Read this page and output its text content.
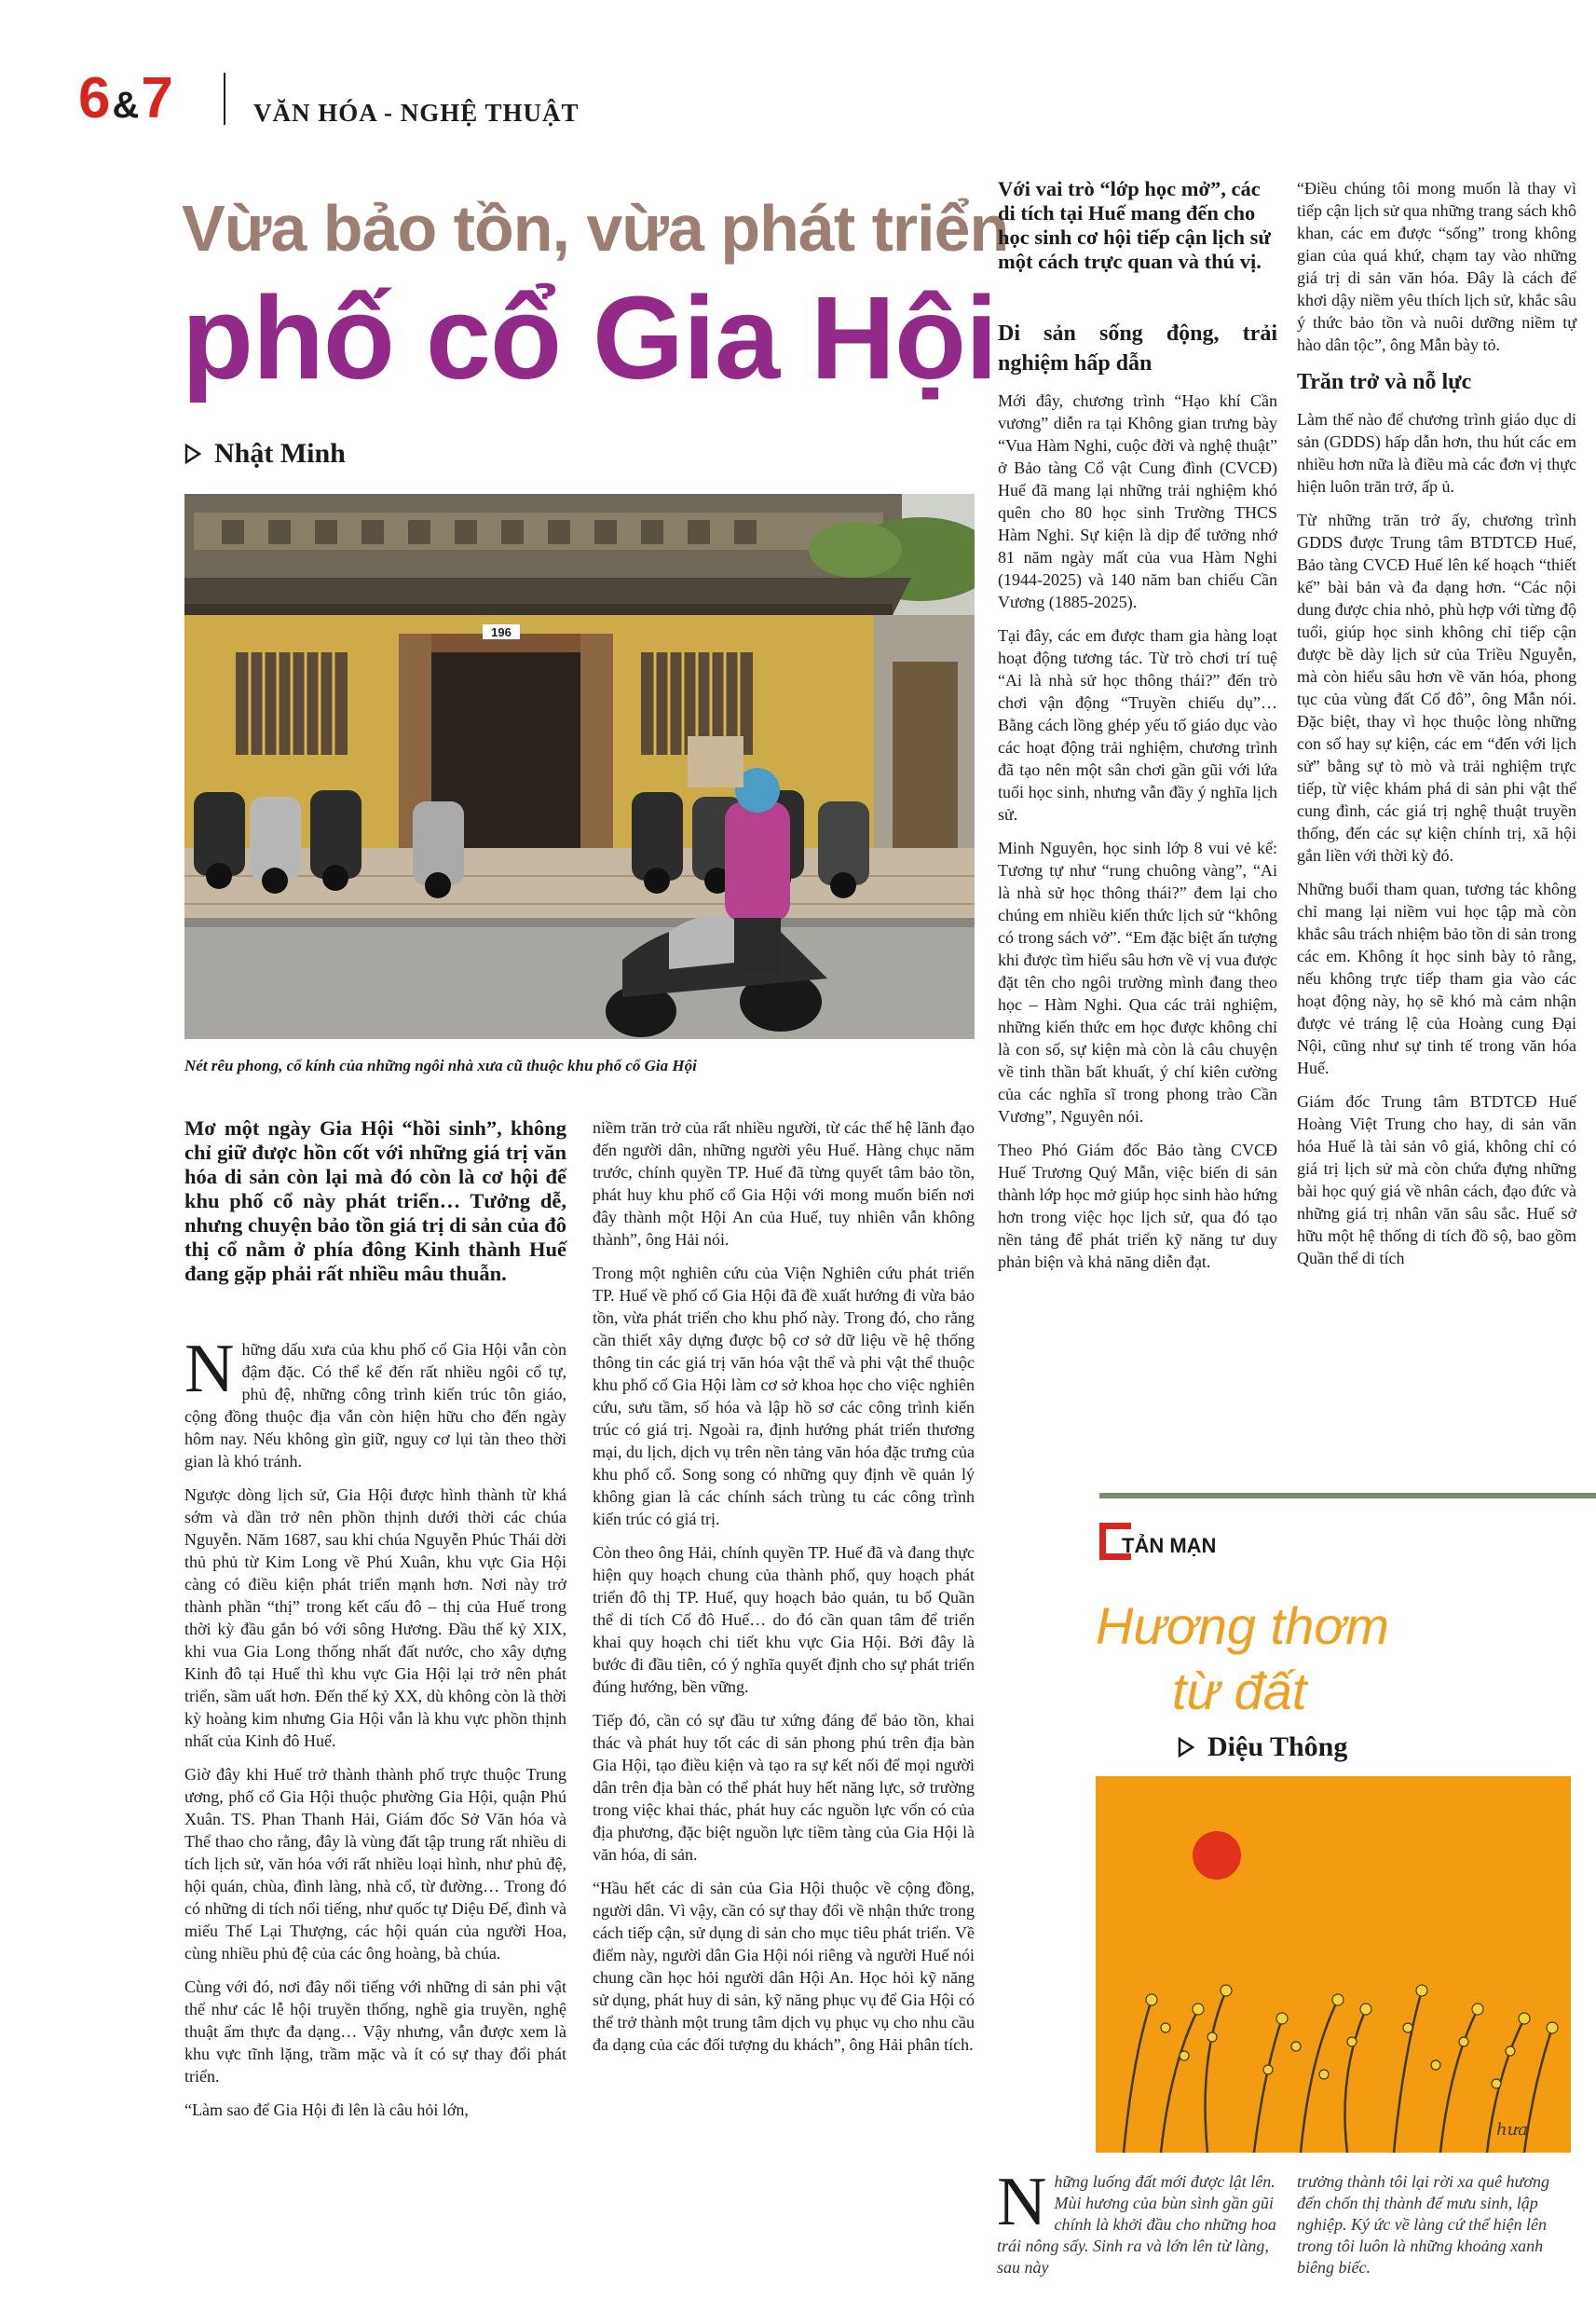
6 &7	VĂN HÓA - NGHỆ THUẬT
Vừa bảo tồn, vừa phát triển
phố cổ Gia Hội
Nhật Minh
196
Nét rêu phong, cổ kính của những ngôi nhà xưa cũ thuộc khu phố cổ Gia Hội

Mơ một ngày Gia Hội “hồi sinh”, không chỉ giữ được hồn cốt với những giá trị văn hóa di sản còn lại mà đó còn là cơ hội để khu phố cổ này phát triển… Tưởng dễ, nhưng chuyện bảo tồn giá trị di sản của đô thị cổ nằm ở phía đông Kinh thành Huế đang gặp phải rất nhiều mâu thuẫn.

Những dấu xưa của khu phố cổ Gia Hội vẫn còn đậm đặc. Có thể kể đến rất nhiều ngôi cổ tự, phủ đệ, những công trình kiến trúc tôn giáo, cộng đồng thuộc địa vẫn còn hiện hữu cho đến ngày hôm nay. Nếu không gìn giữ, nguy cơ lụi tàn theo thời gian là khó tránh.

Ngược dòng lịch sử, Gia Hội được hình thành từ khá sớm và dần trở nên phồn thịnh dưới thời các chúa Nguyễn. Năm 1687, sau khi chúa Nguyễn Phúc Thái dời thủ phủ từ Kim Long về Phú Xuân, khu vực Gia Hội càng có điều kiện phát triển mạnh hơn. Nơi này trở thành phần “thị” trong kết cấu đô – thị của Huế trong thời kỳ đầu gắn bó với sông Hương. Đầu thế kỷ XIX, khi vua Gia Long thống nhất đất nước, cho xây dựng Kinh đô tại Huế thì khu vực Gia Hội lại trở nên phát triển, sầm uất hơn. Đến thế kỷ XX, dù không còn là thời kỳ hoàng kim nhưng Gia Hội vẫn là khu vực phồn thịnh nhất của Kinh đô Huế.

Giờ đây khi Huế trở thành thành phố trực thuộc Trung ương, phố cổ Gia Hội thuộc phường Gia Hội, quận Phú Xuân. TS. Phan Thanh Hải, Giám đốc Sở Văn hóa và Thể thao cho rằng, đây là vùng đất tập trung rất nhiều di tích lịch sử, văn hóa với rất nhiều loại hình, như phủ đệ, hội quán, chùa, đình làng, nhà cổ, từ đường… Trong đó có những di tích nổi tiếng, như quốc tự Diệu Đế, đình và miếu Thế Lại Thượng, các hội quán của người Hoa, cùng nhiều phủ đệ của các ông hoàng, bà chúa.

Cùng với đó, nơi đây nổi tiếng với những di sản phi vật thể như các lễ hội truyền thống, nghề gia truyền, nghệ thuật ẩm thực đa dạng… Vậy nhưng, vẫn được xem là khu vực tĩnh lặng, trầm mặc và ít có sự thay đổi phát triển.

“Làm sao để Gia Hội đi lên là câu hỏi lớn,

niềm trăn trở của rất nhiều người, từ các thế hệ lãnh đạo đến người dân, những người yêu Huế. Hàng chục năm trước, chính quyền TP. Huế đã từng quyết tâm bảo tồn, phát huy khu phố cổ Gia Hội với mong muốn biến nơi đây thành một Hội An của Huế, tuy nhiên vẫn không thành”, ông Hải nói.

Trong một nghiên cứu của Viện Nghiên cứu phát triển TP. Huế về phố cổ Gia Hội đã đề xuất hướng đi vừa bảo tồn, vừa phát triển cho khu phố này. Trong đó, cho rằng cần thiết xây dựng được bộ cơ sở dữ liệu về hệ thống thông tin các giá trị văn hóa vật thể và phi vật thể thuộc khu phố cổ Gia Hội làm cơ sở khoa học cho việc nghiên cứu, sưu tầm, số hóa và lập hồ sơ các công trình kiến trúc có giá trị. Ngoài ra, định hướng phát triển thương mại, du lịch, dịch vụ trên nền tảng văn hóa đặc trưng của khu phố cổ. Song song có những quy định về quản lý không gian là các chính sách trùng tu các công trình kiến trúc có giá trị.

Còn theo ông Hải, chính quyền TP. Huế đã và đang thực hiện quy hoạch chung của thành phố, quy hoạch phát triển đô thị TP. Huế, quy hoạch bảo quản, tu bổ Quần thể di tích Cố đô Huế… do đó cần quan tâm để triển khai quy hoạch chi tiết khu vực Gia Hội. Bởi đây là bước đi đầu tiên, có ý nghĩa quyết định cho sự phát triển đúng hướng, bền vững.

Tiếp đó, cần có sự đầu tư xứng đáng để bảo tồn, khai thác và phát huy tốt các di sản phong phú trên địa bàn Gia Hội, tạo điều kiện và tạo ra sự kết nối để mọi người dân trên địa bàn có thể phát huy hết năng lực, sở trường trong việc khai thác, phát huy các nguồn lực vốn có của địa phương, đặc biệt nguồn lực tiềm tàng của Gia Hội là văn hóa, di sản.

“Hầu hết các di sản của Gia Hội thuộc về cộng đồng, người dân. Vì vậy, cần có sự thay đổi về nhận thức trong cách tiếp cận, sử dụng di sản cho mục tiêu phát triển. Về điểm này, người dân Gia Hội nói riêng và người Huế nói chung cần học hỏi người dân Hội An. Học hỏi kỹ năng sử dụng, phát huy di sản, kỹ năng phục vụ để Gia Hội có thể trở thành một trung tâm dịch vụ phục vụ cho nhu cầu đa dạng của các đối tượng du khách”, ông Hải phân tích.

Với vai trò “lớp học mở”, các di tích tại Huế mang đến cho học sinh cơ hội tiếp cận lịch sử một cách trực quan và thú vị.

Di sản sống động, trải nghiệm hấp dẫn

Mới đây, chương trình “Hạo khí Cần vương” diễn ra tại Không gian trưng bày “Vua Hàm Nghi, cuộc đời và nghệ thuật” ở Bảo tàng Cổ vật Cung đình (CVCĐ) Huế đã mang lại những trải nghiệm khó quên cho 80 học sinh Trường THCS Hàm Nghi. Sự kiện là dịp để tưởng nhớ 81 năm ngày mất của vua Hàm Nghi (1944-2025) và 140 năm ban chiếu Cần Vương (1885-2025).

Tại đây, các em được tham gia hàng loạt hoạt động tương tác. Từ trò chơi trí tuệ “Ai là nhà sử học thông thái?” đến trò chơi vận động “Truyền chiếu dụ”… Bằng cách lồng ghép yếu tố giáo dục vào các hoạt động trải nghiệm, chương trình đã tạo nên một sân chơi gần gũi với lứa tuổi học sinh, nhưng vẫn đầy ý nghĩa lịch sử.

Minh Nguyên, học sinh lớp 8 vui vẻ kể: Tương tự như “rung chuông vàng”, “Ai là nhà sử học thông thái?” đem lại cho chúng em nhiều kiến thức lịch sử “không có trong sách vở”. “Em đặc biệt ấn tượng khi được tìm hiểu sâu hơn về vị vua được đặt tên cho ngôi trường mình đang theo học – Hàm Nghi. Qua các trải nghiệm, những kiến thức em học được không chỉ là con số, sự kiện mà còn là câu chuyện về tinh thần bất khuất, ý chí kiên cường của các nghĩa sĩ trong phong trào Cần Vương”, Nguyên nói.

Theo Phó Giám đốc Bảo tàng CVCĐ Huế Trương Quý Mẫn, việc biến di sản thành lớp học mở giúp học sinh hào hứng hơn trong việc học lịch sử, qua đó tạo nền tảng để phát triển kỹ năng tư duy phản biện và khả năng diễn đạt.

“Điều chúng tôi mong muốn là thay vì tiếp cận lịch sử qua những trang sách khô khan, các em được “sống” trong không gian của quá khứ, chạm tay vào những giá trị di sản văn hóa. Đây là cách để khơi dậy niềm yêu thích lịch sử, khắc sâu ý thức bảo tồn và nuôi dưỡng niềm tự hào dân tộc”, ông Mẫn bày tỏ.

Trăn trở và nỗ lực

Làm thế nào để chương trình giáo dục di sản (GDDS) hấp dẫn hơn, thu hút các em nhiều hơn nữa là điều mà các đơn vị thực hiện luôn trăn trở, ấp ủ.

Từ những trăn trở ấy, chương trình GDDS được Trung tâm BTDTCĐ Huế, Bảo tàng CVCĐ Huế lên kế hoạch “thiết kế” bài bản và đa dạng hơn. “Các nội dung được chia nhỏ, phù hợp với từng độ tuổi, giúp học sinh không chỉ tiếp cận được bề dày lịch sử của Triều Nguyễn, mà còn hiểu sâu hơn về văn hóa, phong tục của vùng đất Cố đô”, ông Mẫn nói. Đặc biệt, thay vì học thuộc lòng những con số hay sự kiện, các em “đến với lịch sử” bằng sự tò mò và trải nghiệm trực tiếp, từ việc khám phá di sản phi vật thể cung đình, các giá trị nghệ thuật truyền thống, đến các sự kiện chính trị, xã hội gắn liền với thời kỳ đó.

Những buổi tham quan, tương tác không chỉ mang lại niềm vui học tập mà còn khắc sâu trách nhiệm bảo tồn di sản trong các em. Không ít học sinh bày tỏ rằng, nếu không trực tiếp tham gia vào các hoạt động này, họ sẽ khó mà cảm nhận được vẻ tráng lệ của Hoàng cung Đại Nội, cũng như sự tinh tế trong văn hóa Huế.

Giám đốc Trung tâm BTDTCĐ Huế Hoàng Việt Trung cho hay, di sản văn hóa Huế là tài sản vô giá, không chỉ có giá trị lịch sử mà còn chứa đựng những bài học quý giá về nhân cách, đạo đức và những giá trị nhân văn sâu sắc. Huế sở hữu một hệ thống di tích đồ sộ, bao gồm Quần thể di tích

TẢN MẠN
Hương thơm
từ đất
Diệu Thông
hưa
Những luống đất mới được lật lên. Mùi hương của bùn sình gần gũi chính là khởi đầu cho những hoa trái nông sấy. Sinh ra và lớn lên từ làng, sau này
trưởng thành tôi lại rời xa quê hương đến chốn thị thành để mưu sinh, lập nghiệp. Ký ức về làng cứ thể hiện lên trong tôi luôn là những khoảng xanh biêng biếc.
